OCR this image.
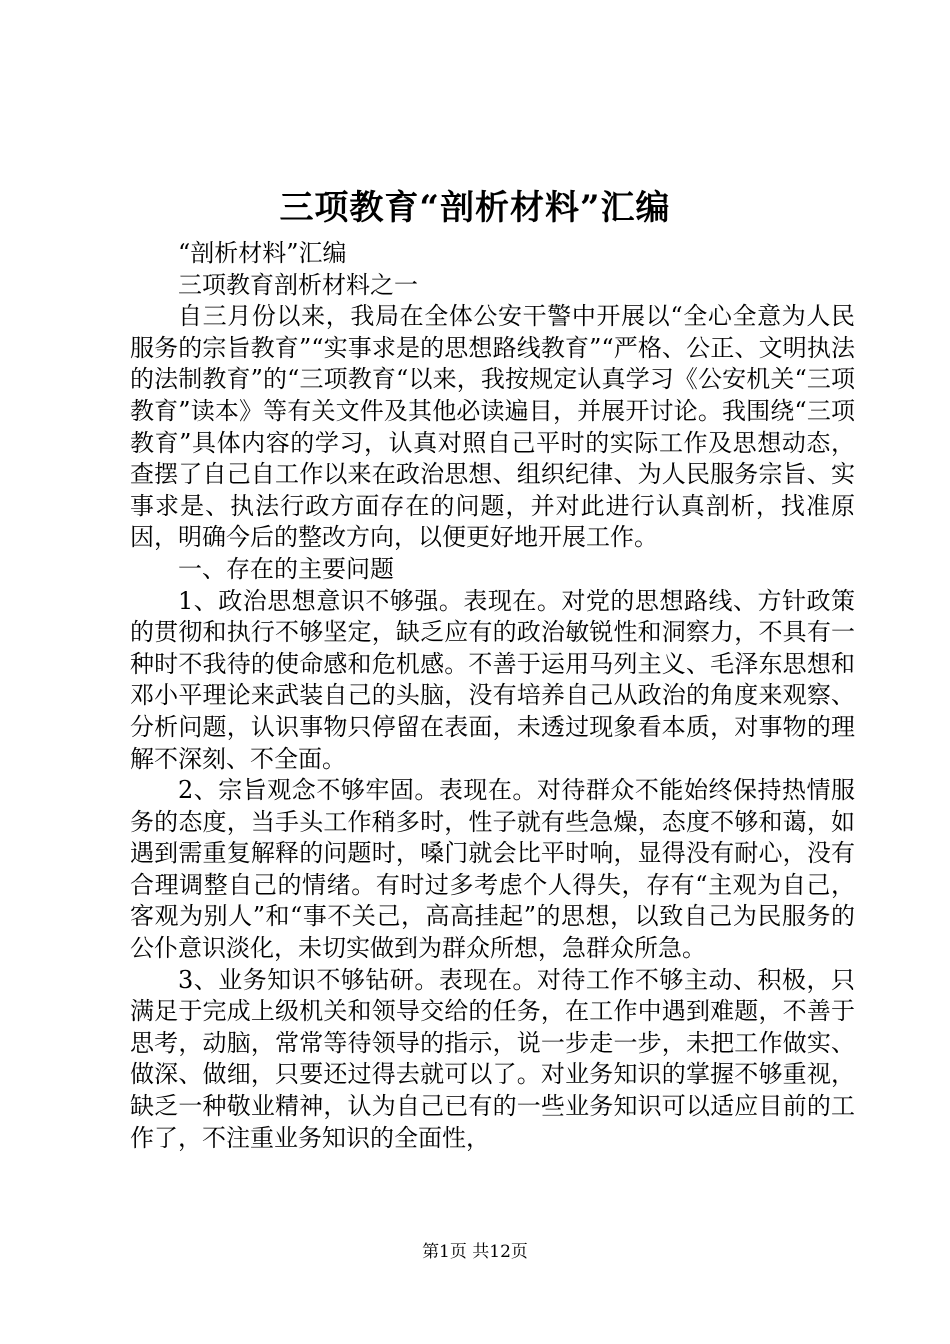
三项教育“剖析材料”汇编

“剖析材料”汇编

三项教育剖析材料之一

自三月份以来，我局在全体公安干警中开展以“全心全意为人民服务的宗旨教育”“实事求是的思想路线教育”“严格、公正、文明执法的法制教育”的“三项教育“以来，我按规定认真学习《公安机关“三项教育”读本》等有关文件及其他必读遍目，并展开讨论。我围绕“三项教育”具体内容的学习，认真对照自己平时的实际工作及思想动态，查摆了自己自工作以来在政治思想、组织纪律、为人民服务宗旨、实事求是、执法行政方面存在的问题，并对此进行认真剖析，找准原因，明确今后的整改方向，以便更好地开展工作。

一、存在的主要问题

1、政治思想意识不够强。表现在。对党的思想路线、方针政策的贯彻和执行不够坚定，缺乏应有的政治敏锐性和洞察力，不具有一种时不我待的使命感和危机感。不善于运用马列主义、毛泽东思想和邓小平理论来武装自己的头脑，没有培养自己从政治的角度来观察、分析问题，认识事物只停留在表面，未透过现象看本质，对事物的理解不深刻、不全面。

2、宗旨观念不够牢固。表现在。对待群众不能始终保持热情服务的态度，当手头工作稍多时，性子就有些急燥，态度不够和蔼，如遇到需重复解释的问题时，嗓门就会比平时响，显得没有耐心，没有合理调整自己的情绪。有时过多考虑个人得失，存有“主观为自己，客观为别人”和“事不关己，高高挂起”的思想，以致自己为民服务的公仆意识淡化，未切实做到为群众所想，急群众所急。

3、业务知识不够钻研。表现在。对待工作不够主动、积极，只满足于完成上级机关和领导交给的任务，在工作中遇到难题，不善于思考，动脑，常常等待领导的指示，说一步走一步，未把工作做实、做深、做细，只要还过得去就可以了。对业务知识的掌握不够重视，缺乏一种敬业精神，认为自己已有的一些业务知识可以适应目前的工作了，不注重业务知识的全面性，

第1页 共12页
